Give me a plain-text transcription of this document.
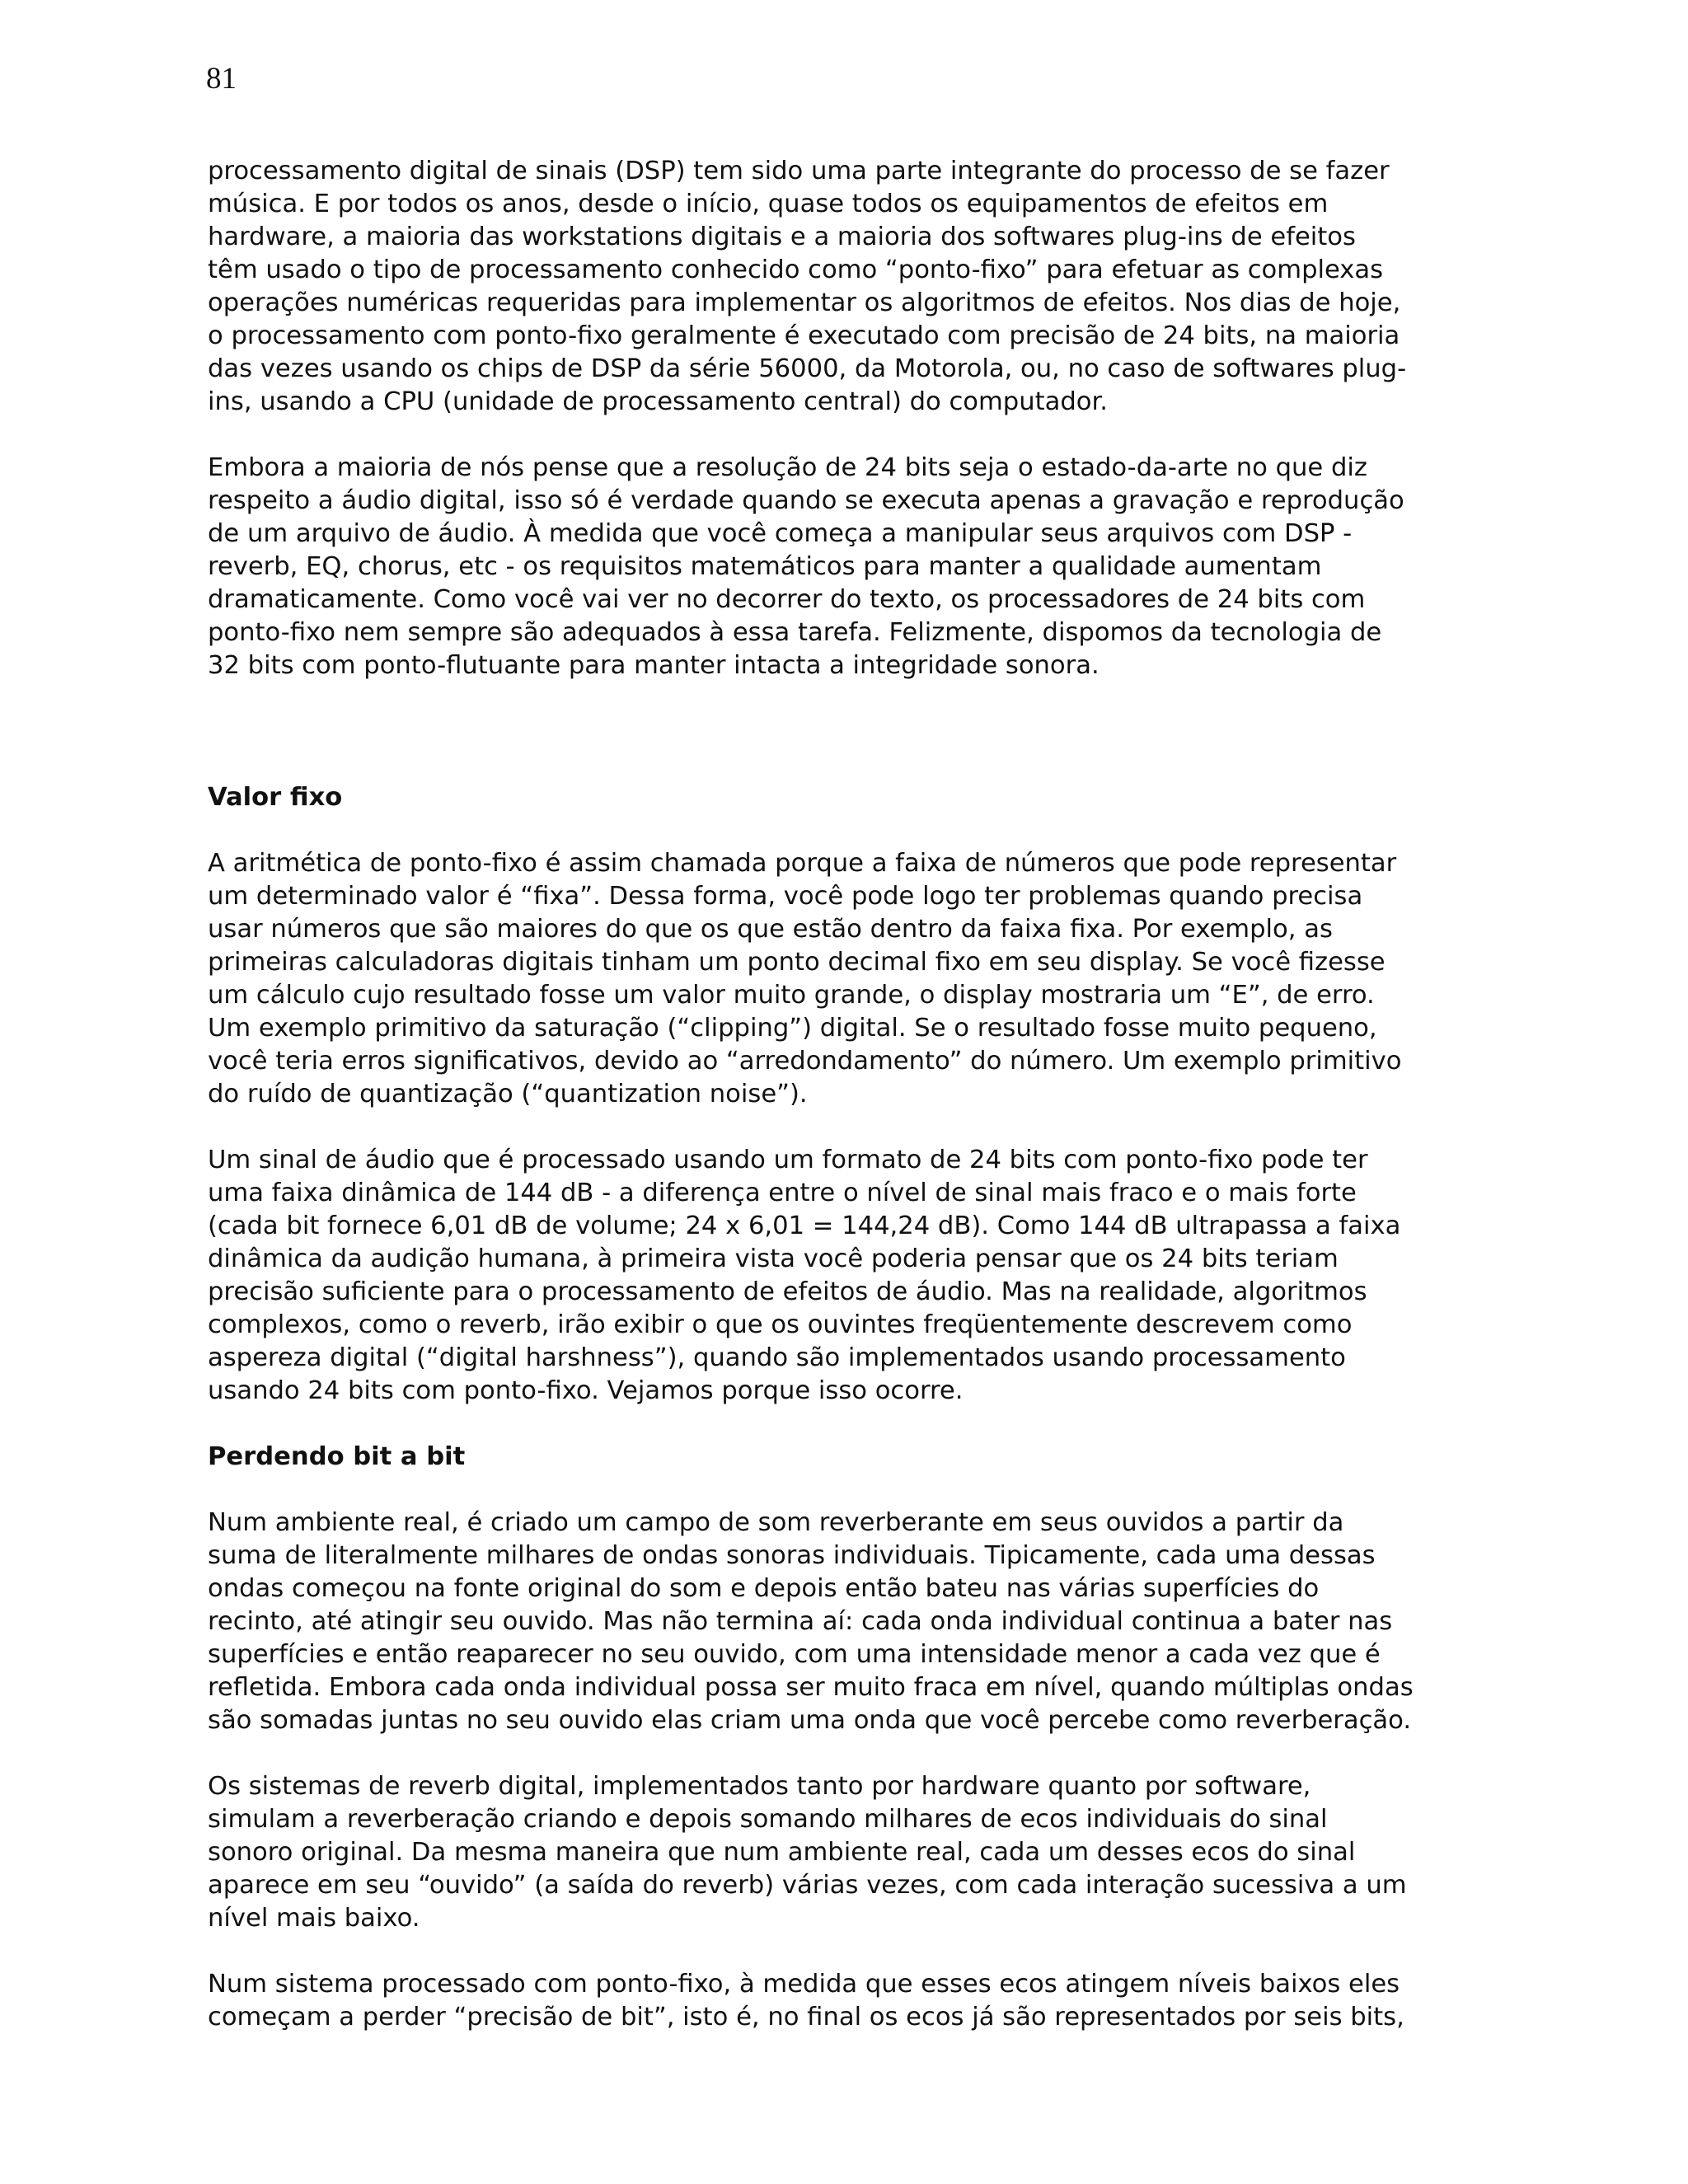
81
processamento digital de sinais (DSP) tem sido uma parte integrante do processo de se fazer
música. E por todos os anos, desde o início, quase todos os equipamentos de efeitos em
hardware, a maioria das workstations digitais e a maioria dos softwares plug-ins de efeitos
têm usado o tipo de processamento conhecido como “ponto-fixo” para efetuar as complexas
operações numéricas requeridas para implementar os algoritmos de efeitos. Nos dias de hoje,
o processamento com ponto-fixo geralmente é executado com precisão de 24 bits, na maioria
das vezes usando os chips de DSP da série 56000, da Motorola, ou, no caso de softwares plug-
ins, usando a CPU (unidade de processamento central) do computador.
Embora a maioria de nós pense que a resolução de 24 bits seja o estado-da-arte no que diz
respeito a áudio digital, isso só é verdade quando se executa apenas a gravação e reprodução
de um arquivo de áudio. À medida que você começa a manipular seus arquivos com DSP -
reverb, EQ, chorus, etc - os requisitos matemáticos para manter a qualidade aumentam
dramaticamente. Como você vai ver no decorrer do texto, os processadores de 24 bits com
ponto-fixo nem sempre são adequados à essa tarefa. Felizmente, dispomos da tecnologia de
32 bits com ponto-flutuante para manter intacta a integridade sonora.
Valor fixo
A aritmética de ponto-fixo é assim chamada porque a faixa de números que pode representar
um determinado valor é “fixa”. Dessa forma, você pode logo ter problemas quando precisa
usar números que são maiores do que os que estão dentro da faixa fixa. Por exemplo, as
primeiras calculadoras digitais tinham um ponto decimal fixo em seu display. Se você fizesse
um cálculo cujo resultado fosse um valor muito grande, o display mostraria um “E”, de erro.
Um exemplo primitivo da saturação (“clipping”) digital. Se o resultado fosse muito pequeno,
você teria erros significativos, devido ao “arredondamento” do número. Um exemplo primitivo
do ruído de quantização (“quantization noise”).
Um sinal de áudio que é processado usando um formato de 24 bits com ponto-fixo pode ter
uma faixa dinâmica de 144 dB - a diferença entre o nível de sinal mais fraco e o mais forte
(cada bit fornece 6,01 dB de volume; 24 x 6,01 = 144,24 dB). Como 144 dB ultrapassa a faixa
dinâmica da audição humana, à primeira vista você poderia pensar que os 24 bits teriam
precisão suficiente para o processamento de efeitos de áudio. Mas na realidade, algoritmos
complexos, como o reverb, irão exibir o que os ouvintes freqüentemente descrevem como
aspereza digital (“digital harshness”), quando são implementados usando processamento
usando 24 bits com ponto-fixo. Vejamos porque isso ocorre.
Perdendo bit a bit
Num ambiente real, é criado um campo de som reverberante em seus ouvidos a partir da
suma de literalmente milhares de ondas sonoras individuais. Tipicamente, cada uma dessas
ondas começou na fonte original do som e depois então bateu nas várias superfícies do
recinto, até atingir seu ouvido. Mas não termina aí: cada onda individual continua a bater nas
superfícies e então reaparecer no seu ouvido, com uma intensidade menor a cada vez que é
refletida. Embora cada onda individual possa ser muito fraca em nível, quando múltiplas ondas
são somadas juntas no seu ouvido elas criam uma onda que você percebe como reverberação.
Os sistemas de reverb digital, implementados tanto por hardware quanto por software,
simulam a reverberação criando e depois somando milhares de ecos individuais do sinal
sonoro original. Da mesma maneira que num ambiente real, cada um desses ecos do sinal
aparece em seu “ouvido” (a saída do reverb) várias vezes, com cada interação sucessiva a um
nível mais baixo.
Num sistema processado com ponto-fixo, à medida que esses ecos atingem níveis baixos eles
começam a perder “precisão de bit”, isto é, no final os ecos já são representados por seis bits,
